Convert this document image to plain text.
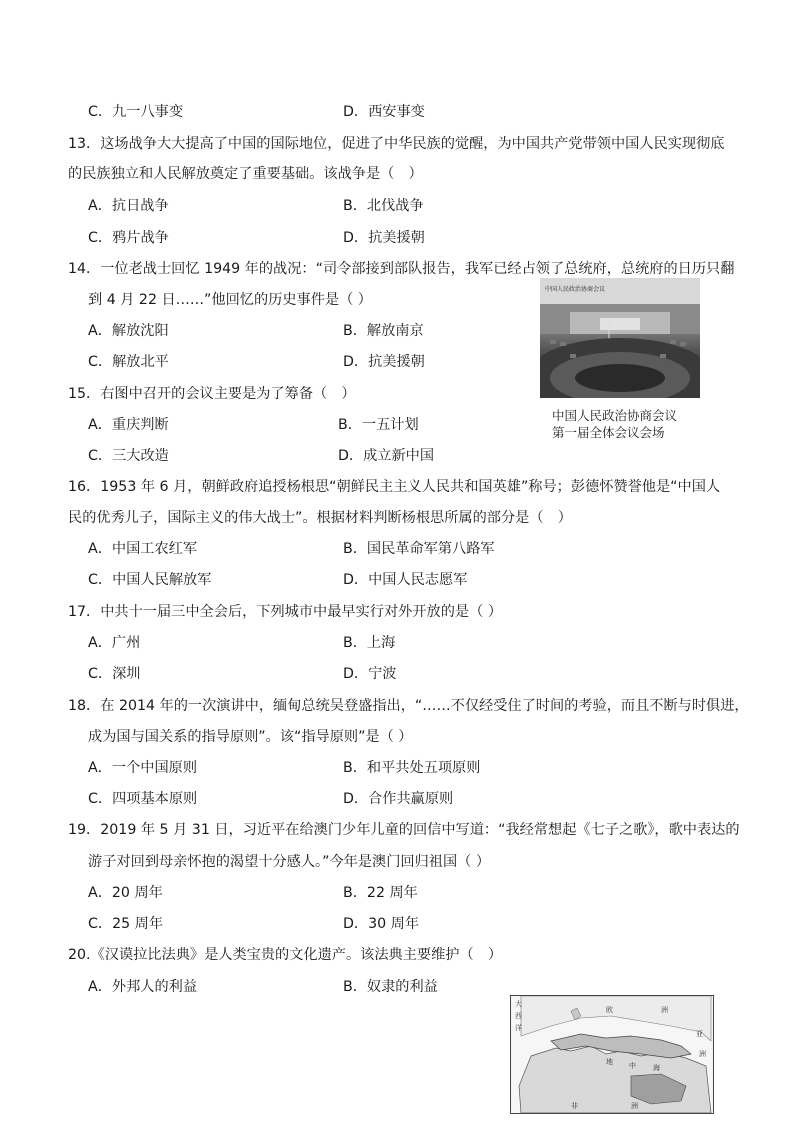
C．九一八事变	D．西安事变
13．这场战争大大提高了中国的国际地位，促进了中华民族的觉醒，为中国共产党带领中国人民实现彻底
的民族独立和人民解放奠定了重要基础。该战争是（　）
A．抗日战争	B．北伐战争
C．鸦片战争	D．抗美援朝
14．一位老战士回忆 1949 年的战况：“司令部接到部队报告，我军已经占领了总统府，总统府的日历只翻
到 4 月 22 日……”他回忆的历史事件是（ ）
A．解放沈阳	B．解放南京
C．解放北平	D．抗美援朝
15．右图中召开的会议主要是为了筹备（　）
A．重庆判断	B．一五计划
C．三大改造	D．成立新中国
中国人民政治协商会议
中国人民政治协商会议
第一届全体会议会场
16．1953 年 6 月，朝鲜政府追授杨根思“朝鲜民主主义人民共和国英雄”称号；彭德怀赞誉他是“中国人
民的优秀儿子，国际主义的伟大战士”。根据材料判断杨根思所属的部分是（　）
A．中国工农红军	B．国民革命军第八路军
C．中国人民解放军	D．中国人民志愿军
17．中共十一届三中全会后，下列城市中最早实行对外开放的是（ ）
A．广州	B．上海
C．深圳	D．宁波
18．在 2014 年的一次演讲中，缅甸总统吴登盛指出，“……不仅经受住了时间的考验，而且不断与时俱进，
成为国与国关系的指导原则”。该“指导原则”是（ ）
A．一个中国原则	B．和平共处五项原则
C．四项基本原则	D．合作共赢原则
19．2019 年 5 月 31 日，习近平在给澳门少年儿童的回信中写道：“我经常想起《七子之歌》，歌中表达的
游子对回到母亲怀抱的渴望十分感人。”今年是澳门回归祖国（ ）
A．20 周年	B．22 周年
C．25 周年	D．30 周年
20.《汉谟拉比法典》是人类宝贵的文化遗产。该法典主要维护（　）
A．外邦人的利益	B．奴隶的利益
大
西
洋
欧	洲
亚
洲
地 中 海
非	洲
